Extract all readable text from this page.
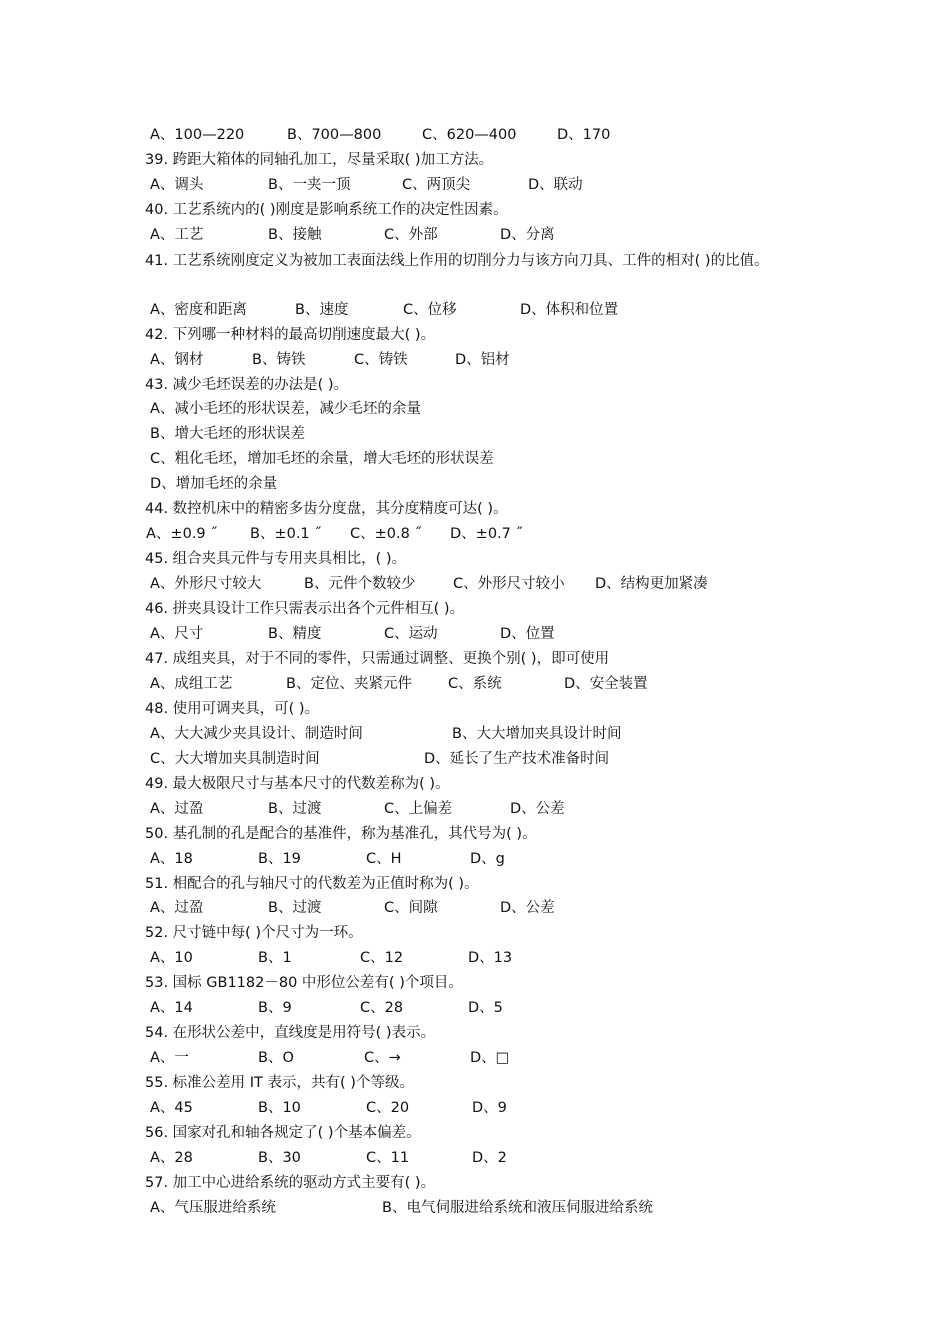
A、100—220	B、700—800	C、620—400	D、170
39. 跨距大箱体的同轴孔加工，尽量采取( )加工方法。
A、调头	B、一夹一顶	C、两顶尖	D、联动
40. 工艺系统内的( )刚度是影响系统工作的决定性因素。
A、工艺	B、接触	C、外部	D、分离
41. 工艺系统刚度定义为被加工表面法线上作用的切削分力与该方向刀具、工件的相对( )的比值。
A、密度和距离	B、速度	C、位移	D、体积和位置
42. 下列哪一种材料的最高切削速度最大( )。
A、钢材	B、铸铁	C、铸铁	D、铝材
43. 减少毛坯误差的办法是( )。
A、减小毛坯的形状误差，减少毛坯的余量
B、增大毛坯的形状误差
C、粗化毛坯，增加毛坯的余量，增大毛坯的形状误差
D、增加毛坯的余量
44. 数控机床中的精密多齿分度盘，其分度精度可达( )。
A、±0.9 ˝ B、±0.1 ˝ C、±0.8 ˝ D、±0.7 ˝
45. 组合夹具元件与专用夹具相比，( )。
A、外形尺寸较大	B、元件个数较少	C、外形尺寸较小 D、结构更加紧凑
46. 拼夹具设计工作只需表示出各个元件相互( )。
A、尺寸	B、精度	C、运动	D、位置
47. 成组夹具，对于不同的零件，只需通过调整、更换个别( )，即可使用
A、成组工艺	B、定位、夹紧元件 C、系统	D、安全装置
48. 使用可调夹具，可( )。
A、大大减少夹具设计、制造时间	B、大大增加夹具设计时间
C、大大增加夹具制造时间	D、延长了生产技术准备时间
49. 最大极限尺寸与基本尺寸的代数差称为( )。
A、过盈	B、过渡	C、上偏差	D、公差
50. 基孔制的孔是配合的基准件，称为基准孔，其代号为( )。
A、18	B、19	C、H	D、g
51. 相配合的孔与轴尺寸的代数差为正值时称为( )。
A、过盈	B、过渡	C、间隙	D、公差
52. 尺寸链中每( )个尺寸为一环。
A、10	B、1	C、12	D、13
53. 国标 GB1182－80 中形位公差有( )个项目。
A、14	B、9	C、28	D、5
54. 在形状公差中，直线度是用符号( )表示。
A、一	B、O	C、→	D、□
55. 标准公差用 IT 表示，共有( )个等级。
A、45	B、10	C、20	D、9
56. 国家对孔和轴各规定了( )个基本偏差。
A、28	B、30	C、11	D、2
57. 加工中心进给系统的驱动方式主要有( )。
A、气压服进给系统	B、电气伺服进给系统和液压伺服进给系统
